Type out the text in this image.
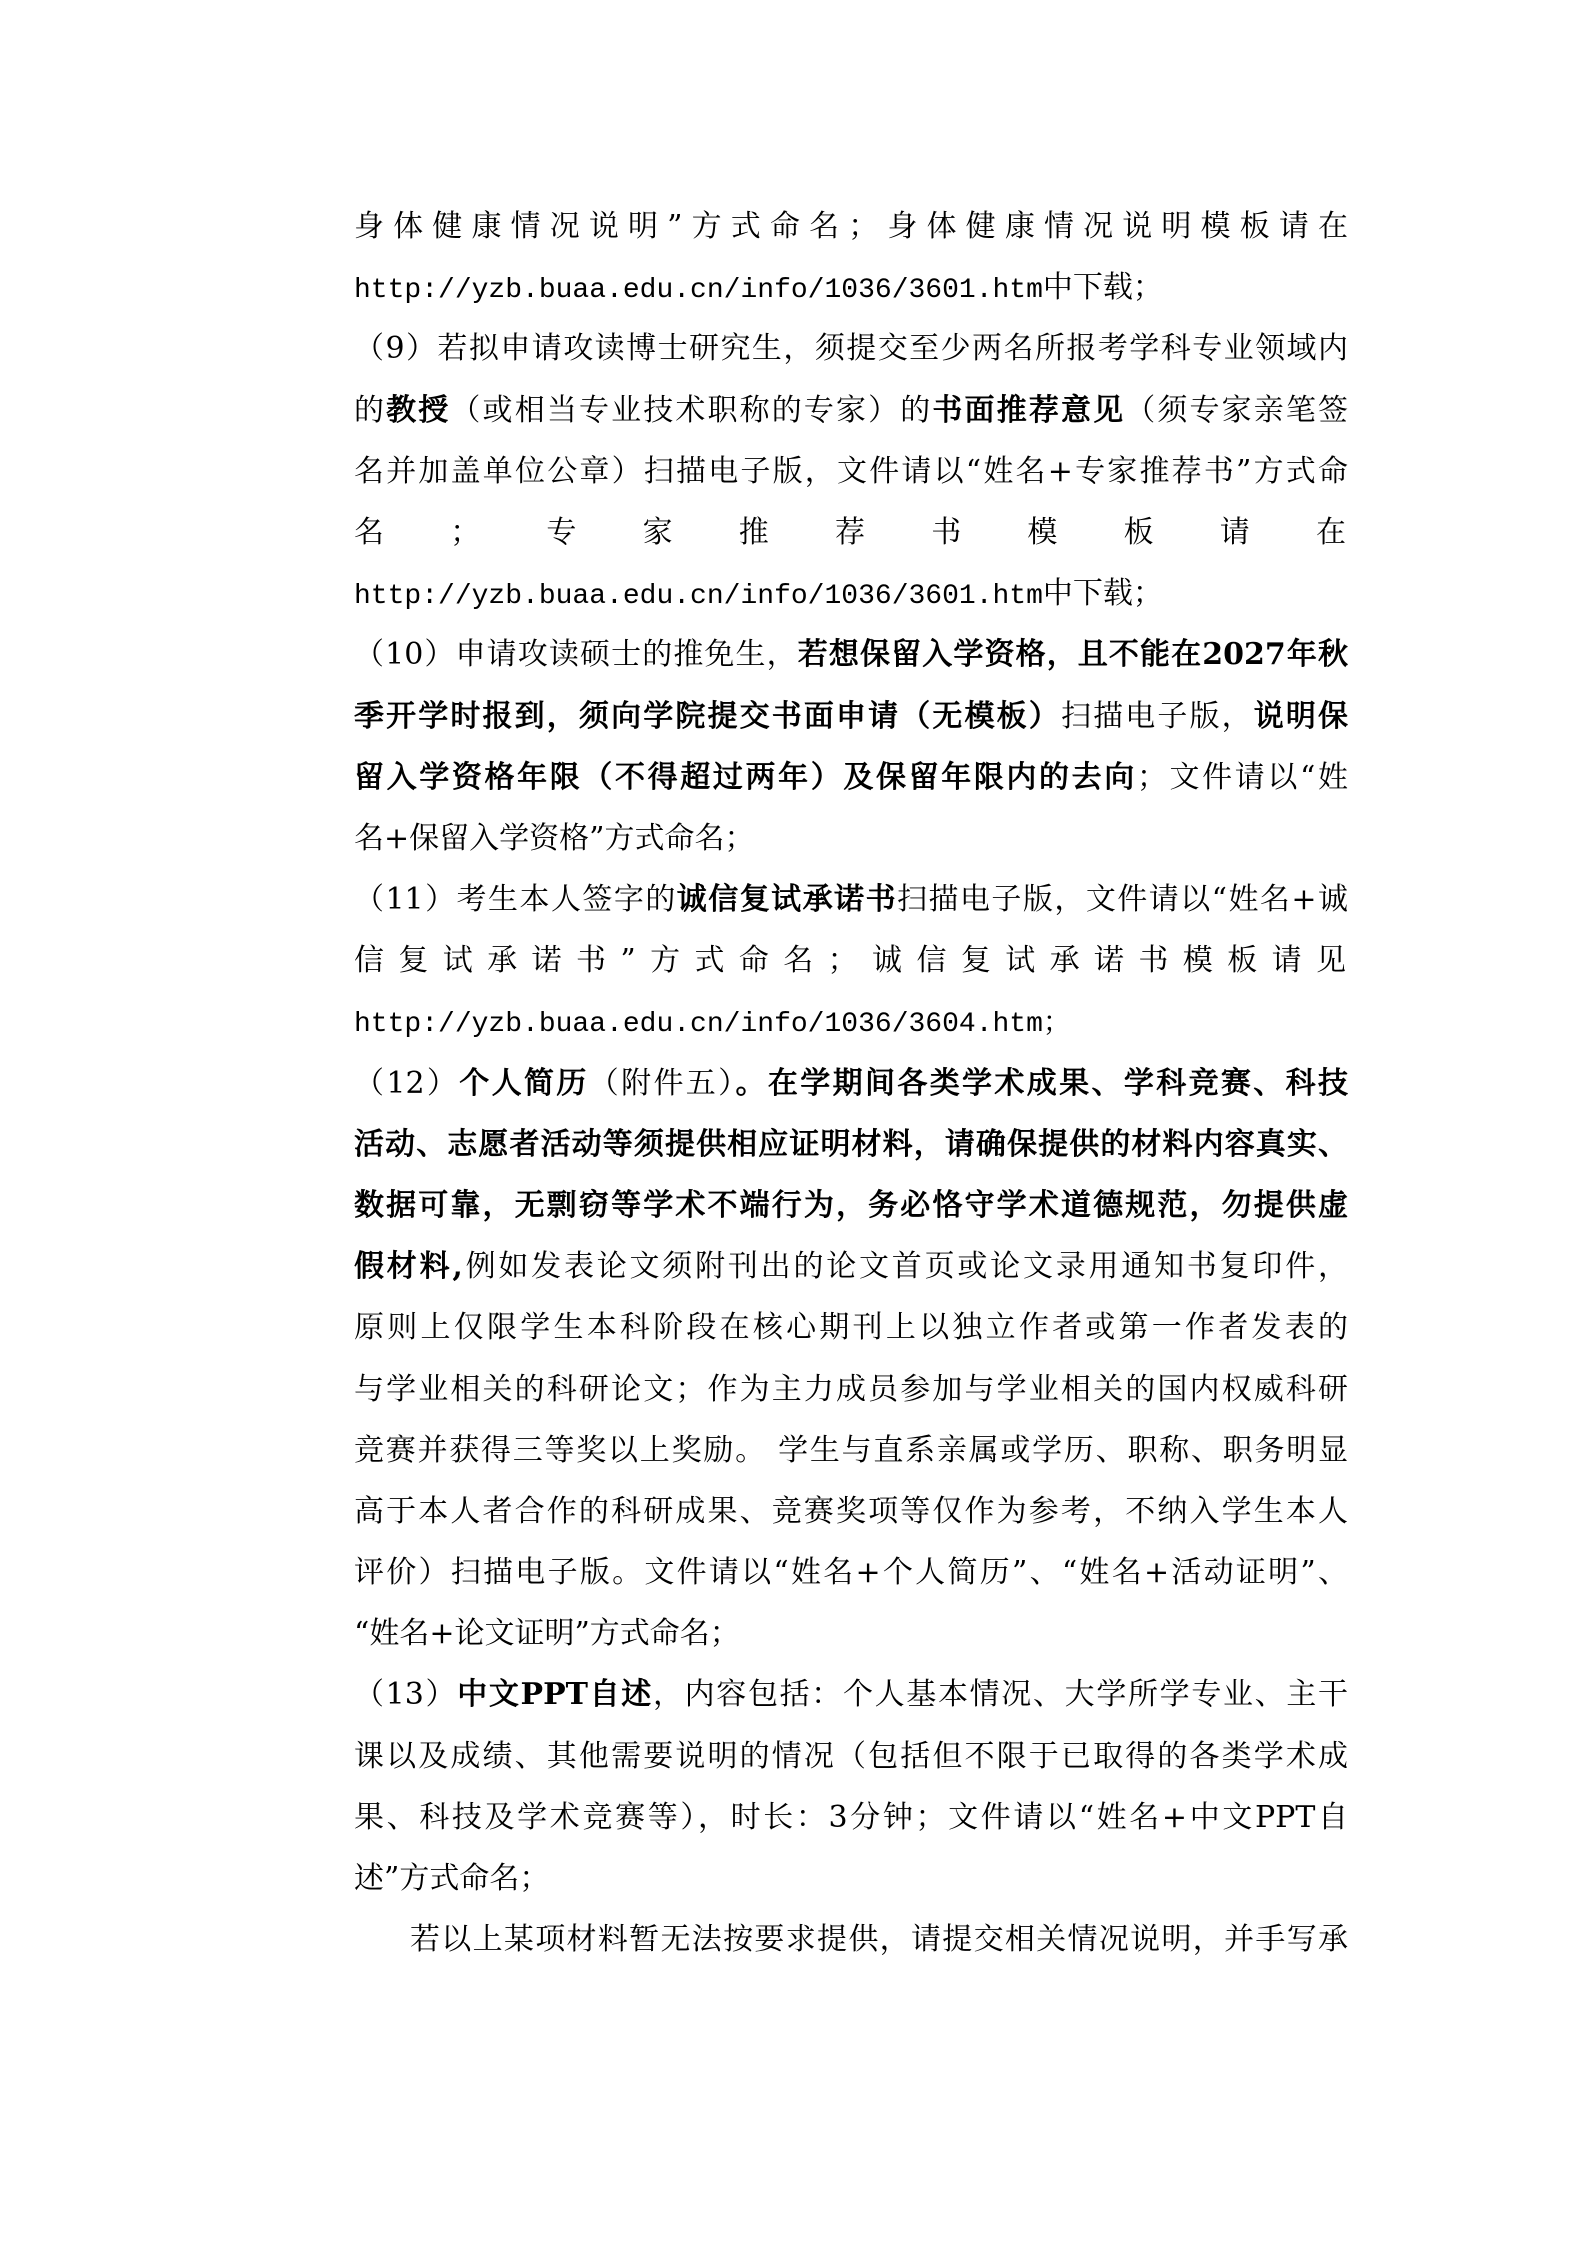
身体健康情况说明”方式命名；身体健康情况说明模板请在
http://yzb.buaa.edu.cn/info/1036/3601.htm中下载；
（9）若拟申请攻读博士研究生，须提交至少两名所报考学科专业领域内
的教授（或相当专业技术职称的专家）的书面推荐意见（须专家亲笔签
名并加盖单位公章）扫描电子版，文件请以“姓名+专家推荐书”方式命
名；专家推荐书模板请在
http://yzb.buaa.edu.cn/info/1036/3601.htm中下载；
（10）申请攻读硕士的推免生，若想保留入学资格，且不能在2027年秋
季开学时报到，须向学院提交书面申请（无模板）扫描电子版，说明保
留入学资格年限（不得超过两年）及保留年限内的去向；文件请以“姓
名+保留入学资格”方式命名；
（11）考生本人签字的诚信复试承诺书扫描电子版，文件请以“姓名+诚
信复试承诺书”方式命名；诚信复试承诺书模板请见
http://yzb.buaa.edu.cn/info/1036/3604.htm；
（12）个人简历（附件五）。在学期间各类学术成果、学科竞赛、科技
活动、志愿者活动等须提供相应证明材料，请确保提供的材料内容真实、
数据可靠，无剽窃等学术不端行为，务必恪守学术道德规范，勿提供虚
假材料,例如发表论文须附刊出的论文首页或论文录用通知书复印件，
原则上仅限学生本科阶段在核心期刊上以独立作者或第一作者发表的
与学业相关的科研论文；作为主力成员参加与学业相关的国内权威科研
竞赛并获得三等奖以上奖励。 学生与直系亲属或学历、职称、职务明显
高于本人者合作的科研成果、竞赛奖项等仅作为参考，不纳入学生本人
评价）扫描电子版。文件请以“姓名+个人简历”、“姓名+活动证明”、
“姓名+论文证明”方式命名；
（13）中文PPT自述，内容包括：个人基本情况、大学所学专业、主干
课以及成绩、其他需要说明的情况（包括但不限于已取得的各类学术成
果、科技及学术竞赛等），时长：3分钟；文件请以“姓名+中文PPT自
述”方式命名；
若以上某项材料暂无法按要求提供，请提交相关情况说明，并手写承
